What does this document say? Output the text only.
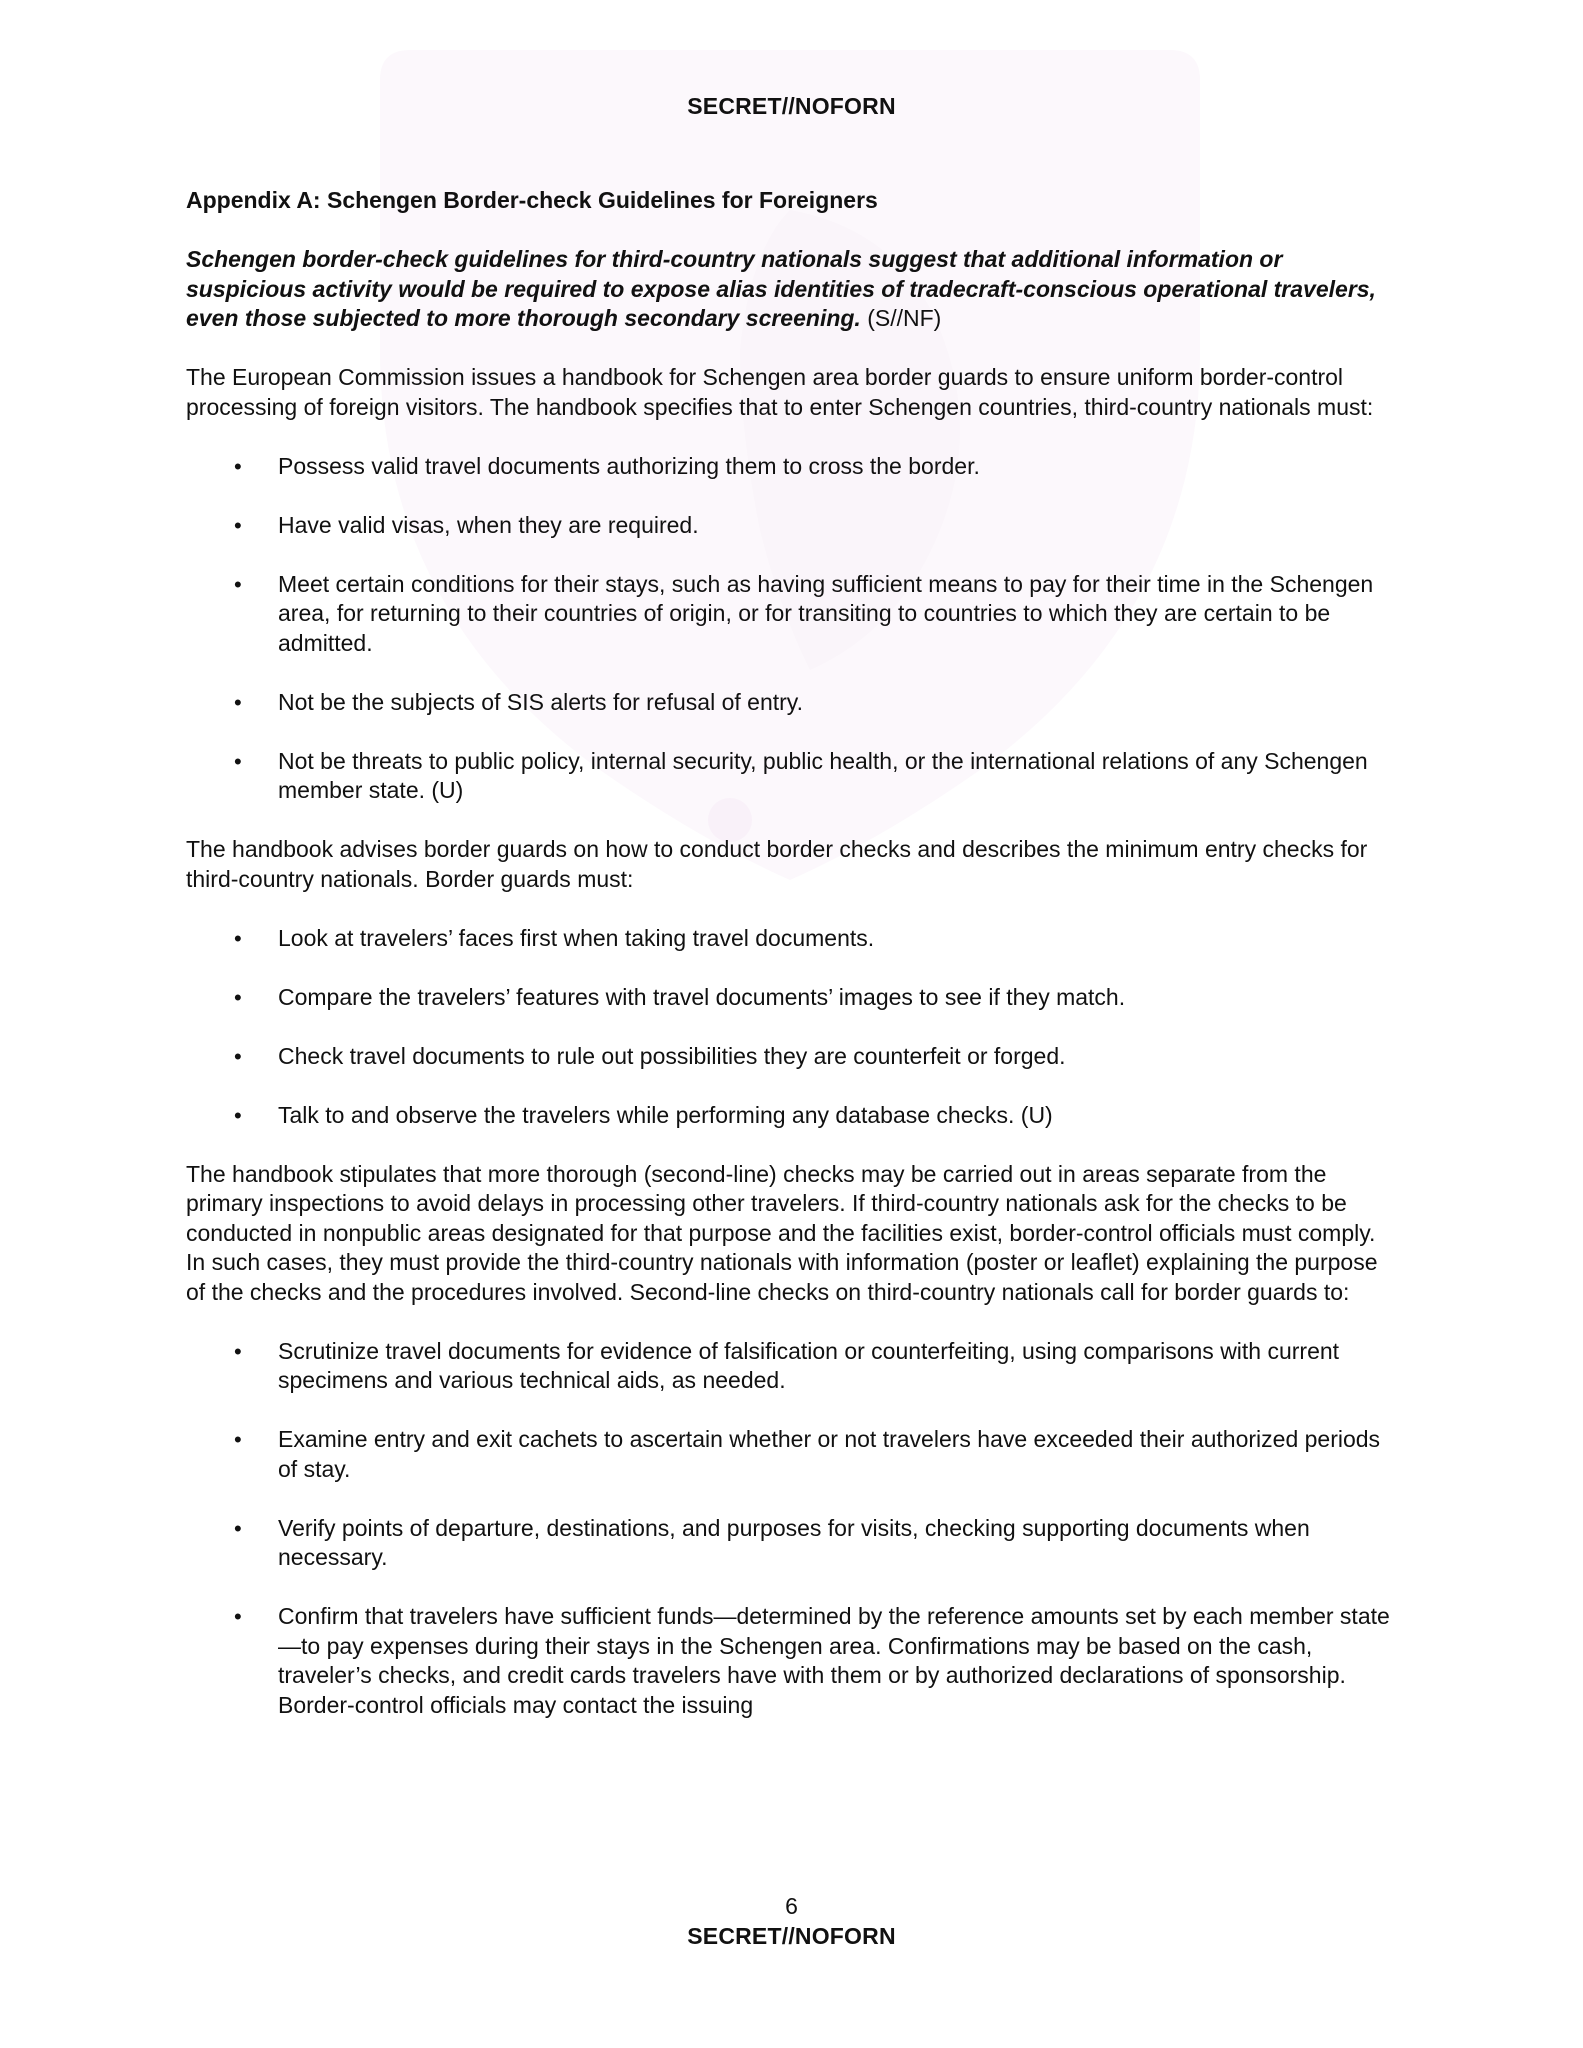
SECRET//NOFORN
Appendix A: Schengen Border-check Guidelines for Foreigners
Schengen border-check guidelines for third-country nationals suggest that additional information or suspicious activity would be required to expose alias identities of tradecraft-conscious operational travelers, even those subjected to more thorough secondary screening. (S//NF)
The European Commission issues a handbook for Schengen area border guards to ensure uniform border-control processing of foreign visitors. The handbook specifies that to enter Schengen countries, third-country nationals must:
• Possess valid travel documents authorizing them to cross the border.
• Have valid visas, when they are required.
• Meet certain conditions for their stays, such as having sufficient means to pay for their time in the Schengen area, for returning to their countries of origin, or for transiting to countries to which they are certain to be admitted.
• Not be the subjects of SIS alerts for refusal of entry.
• Not be threats to public policy, internal security, public health, or the international relations of any Schengen member state. (U)
The handbook advises border guards on how to conduct border checks and describes the minimum entry checks for third-country nationals. Border guards must:
• Look at travelers’ faces first when taking travel documents.
• Compare the travelers’ features with travel documents’ images to see if they match.
• Check travel documents to rule out possibilities they are counterfeit or forged.
• Talk to and observe the travelers while performing any database checks. (U)
The handbook stipulates that more thorough (second-line) checks may be carried out in areas separate from the primary inspections to avoid delays in processing other travelers. If third-country nationals ask for the checks to be conducted in nonpublic areas designated for that purpose and the facilities exist, border-control officials must comply. In such cases, they must provide the third-country nationals with information (poster or leaflet) explaining the purpose of the checks and the procedures involved. Second-line checks on third-country nationals call for border guards to:
• Scrutinize travel documents for evidence of falsification or counterfeiting, using comparisons with current specimens and various technical aids, as needed.
• Examine entry and exit cachets to ascertain whether or not travelers have exceeded their authorized periods of stay.
• Verify points of departure, destinations, and purposes for visits, checking supporting documents when necessary.
• Confirm that travelers have sufficient funds—determined by the reference amounts set by each member state—to pay expenses during their stays in the Schengen area. Confirmations may be based on the cash, traveler’s checks, and credit cards travelers have with them or by authorized declarations of sponsorship. Border-control officials may contact the issuing
6
SECRET//NOFORN
